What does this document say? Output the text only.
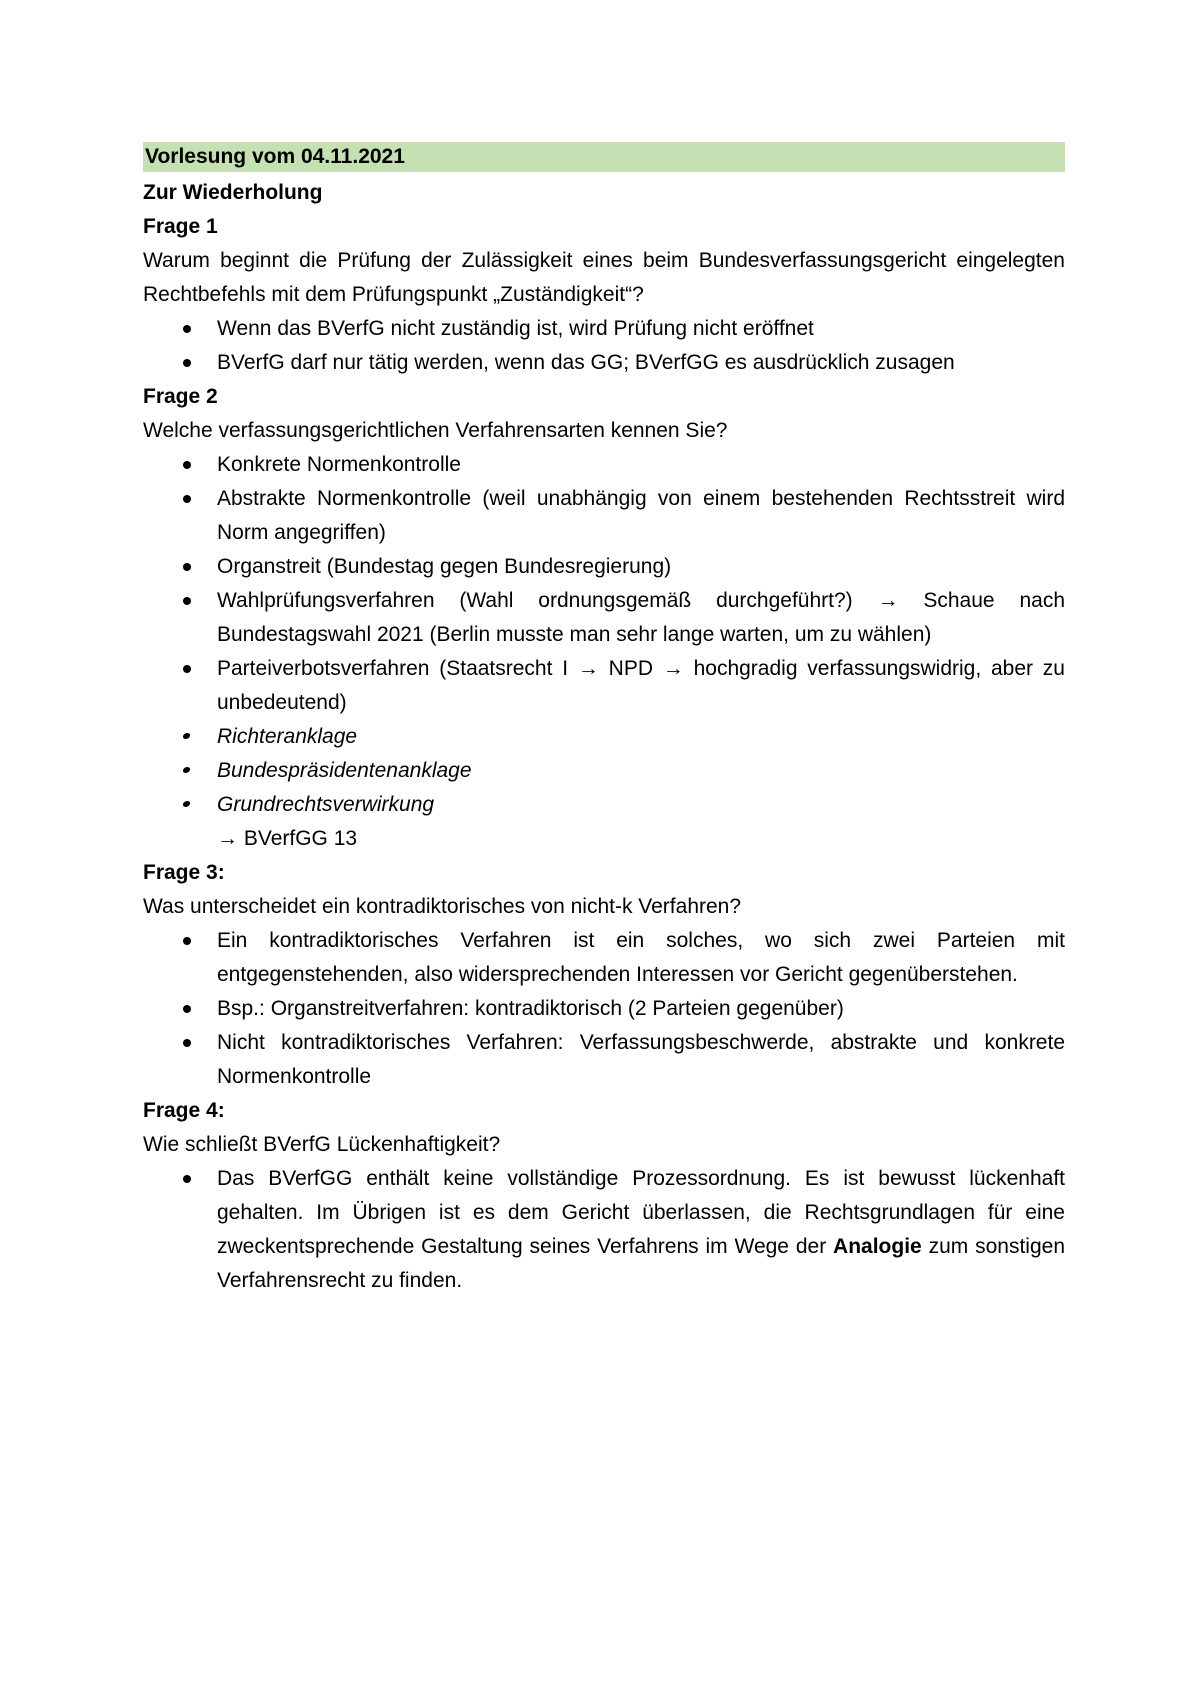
Vorlesung vom 04.11.2021
Zur Wiederholung
Frage 1

Warum beginnt die Prüfung der Zulässigkeit eines beim Bundesverfassungsgericht eingelegten Rechtbefehls mit dem Prüfungspunkt „Zuständigkeit“?

Wenn das BVerfG nicht zuständig ist, wird Prüfung nicht eröffnet
BVerfG darf nur tätig werden, wenn das GG; BVerfGG es ausdrücklich zusagen
Frage 2

Welche verfassungsgerichtlichen Verfahrensarten kennen Sie?

Konkrete Normenkontrolle
Abstrakte Normenkontrolle (weil unabhängig von einem bestehenden Rechtsstreit wird Norm angegriffen)
Organstreit (Bundestag gegen Bundesregierung)
Wahlprüfungsverfahren (Wahl ordnungsgemäß durchgeführt?) → Schaue nach Bundestagswahl 2021 (Berlin musste man sehr lange warten, um zu wählen)
Parteiverbotsverfahren (Staatsrecht I → NPD → hochgradig verfassungswidrig, aber zu unbedeutend)
Richteranklage
Bundespräsidentenanklage
Grundrechtsverwirkung
→ BVerfGG 13
Frage 3:

Was unterscheidet ein kontradiktorisches von nicht-k Verfahren?

Ein kontradiktorisches Verfahren ist ein solches, wo sich zwei Parteien mit entgegenstehenden, also widersprechenden Interessen vor Gericht gegenüberstehen.
Bsp.: Organstreitverfahren: kontradiktorisch (2 Parteien gegenüber)
Nicht kontradiktorisches Verfahren: Verfassungsbeschwerde, abstrakte und konkrete Normenkontrolle
Frage 4:

Wie schließt BVerfG Lückenhaftigkeit?

Das BVerfGG enthält keine vollständige Prozessordnung. Es ist bewusst lückenhaft gehalten. Im Übrigen ist es dem Gericht überlassen, die Rechtsgrundlagen für eine zweckentsprechende Gestaltung seines Verfahrens im Wege der Analogie zum sonstigen Verfahrensrecht zu finden.
